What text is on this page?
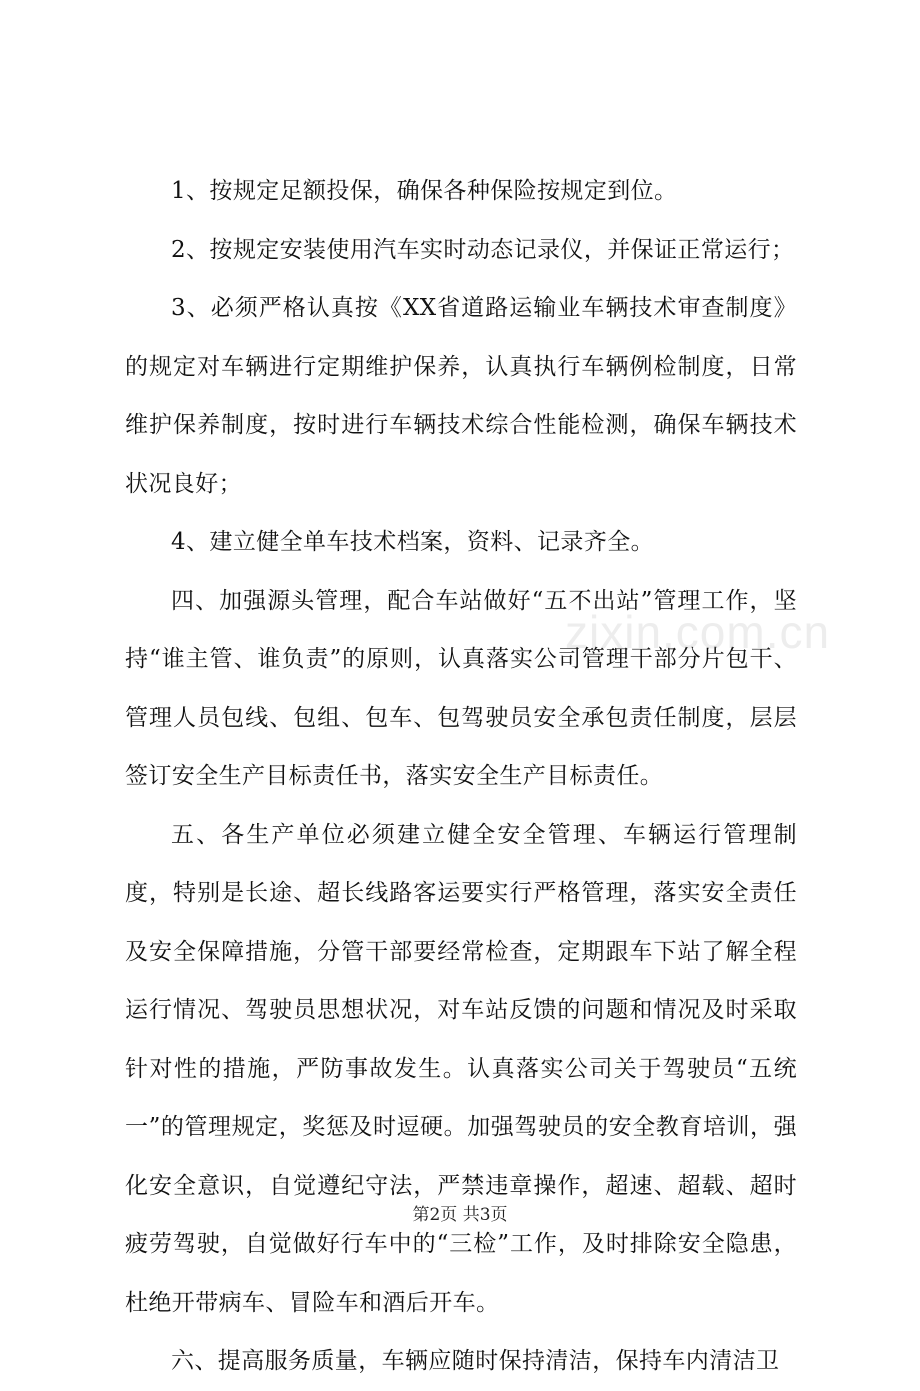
1、按规定足额投保，确保各种保险按规定到位。

2、按规定安装使用汽车实时动态记录仪，并保证正常运行；

3、必须严格认真按《XX省道路运输业车辆技术审查制度》的规定对车辆进行定期维护保养，认真执行车辆例检制度，日常维护保养制度，按时进行车辆技术综合性能检测，确保车辆技术状况良好；

4、建立健全单车技术档案，资料、记录齐全。

四、加强源头管理，配合车站做好“五不出站”管理工作，坚持“谁主管、谁负责”的原则，认真落实公司管理干部分片包干、管理人员包线、包组、包车、包驾驶员安全承包责任制度，层层签订安全生产目标责任书，落实安全生产目标责任。

五、各生产单位必须建立健全安全管理、车辆运行管理制度，特别是长途、超长线路客运要实行严格管理，落实安全责任及安全保障措施，分管干部要经常检查，定期跟车下站了解全程运行情况、驾驶员思想状况，对车站反馈的问题和情况及时采取针对性的措施，严防事故发生。认真落实公司关于驾驶员“五统一”的管理规定，奖惩及时逗硬。加强驾驶员的安全教育培训，强化安全意识，自觉遵纪守法，严禁违章操作，超速、超载、超时疲劳驾驶，自觉做好行车中的“三检”工作，及时排除安全隐患，杜绝开带病车、冒险车和酒后开车。

六、提高服务质量，车辆应随时保持清洁，保持车内清洁卫

zixin.com.cn
第2页 共3页
